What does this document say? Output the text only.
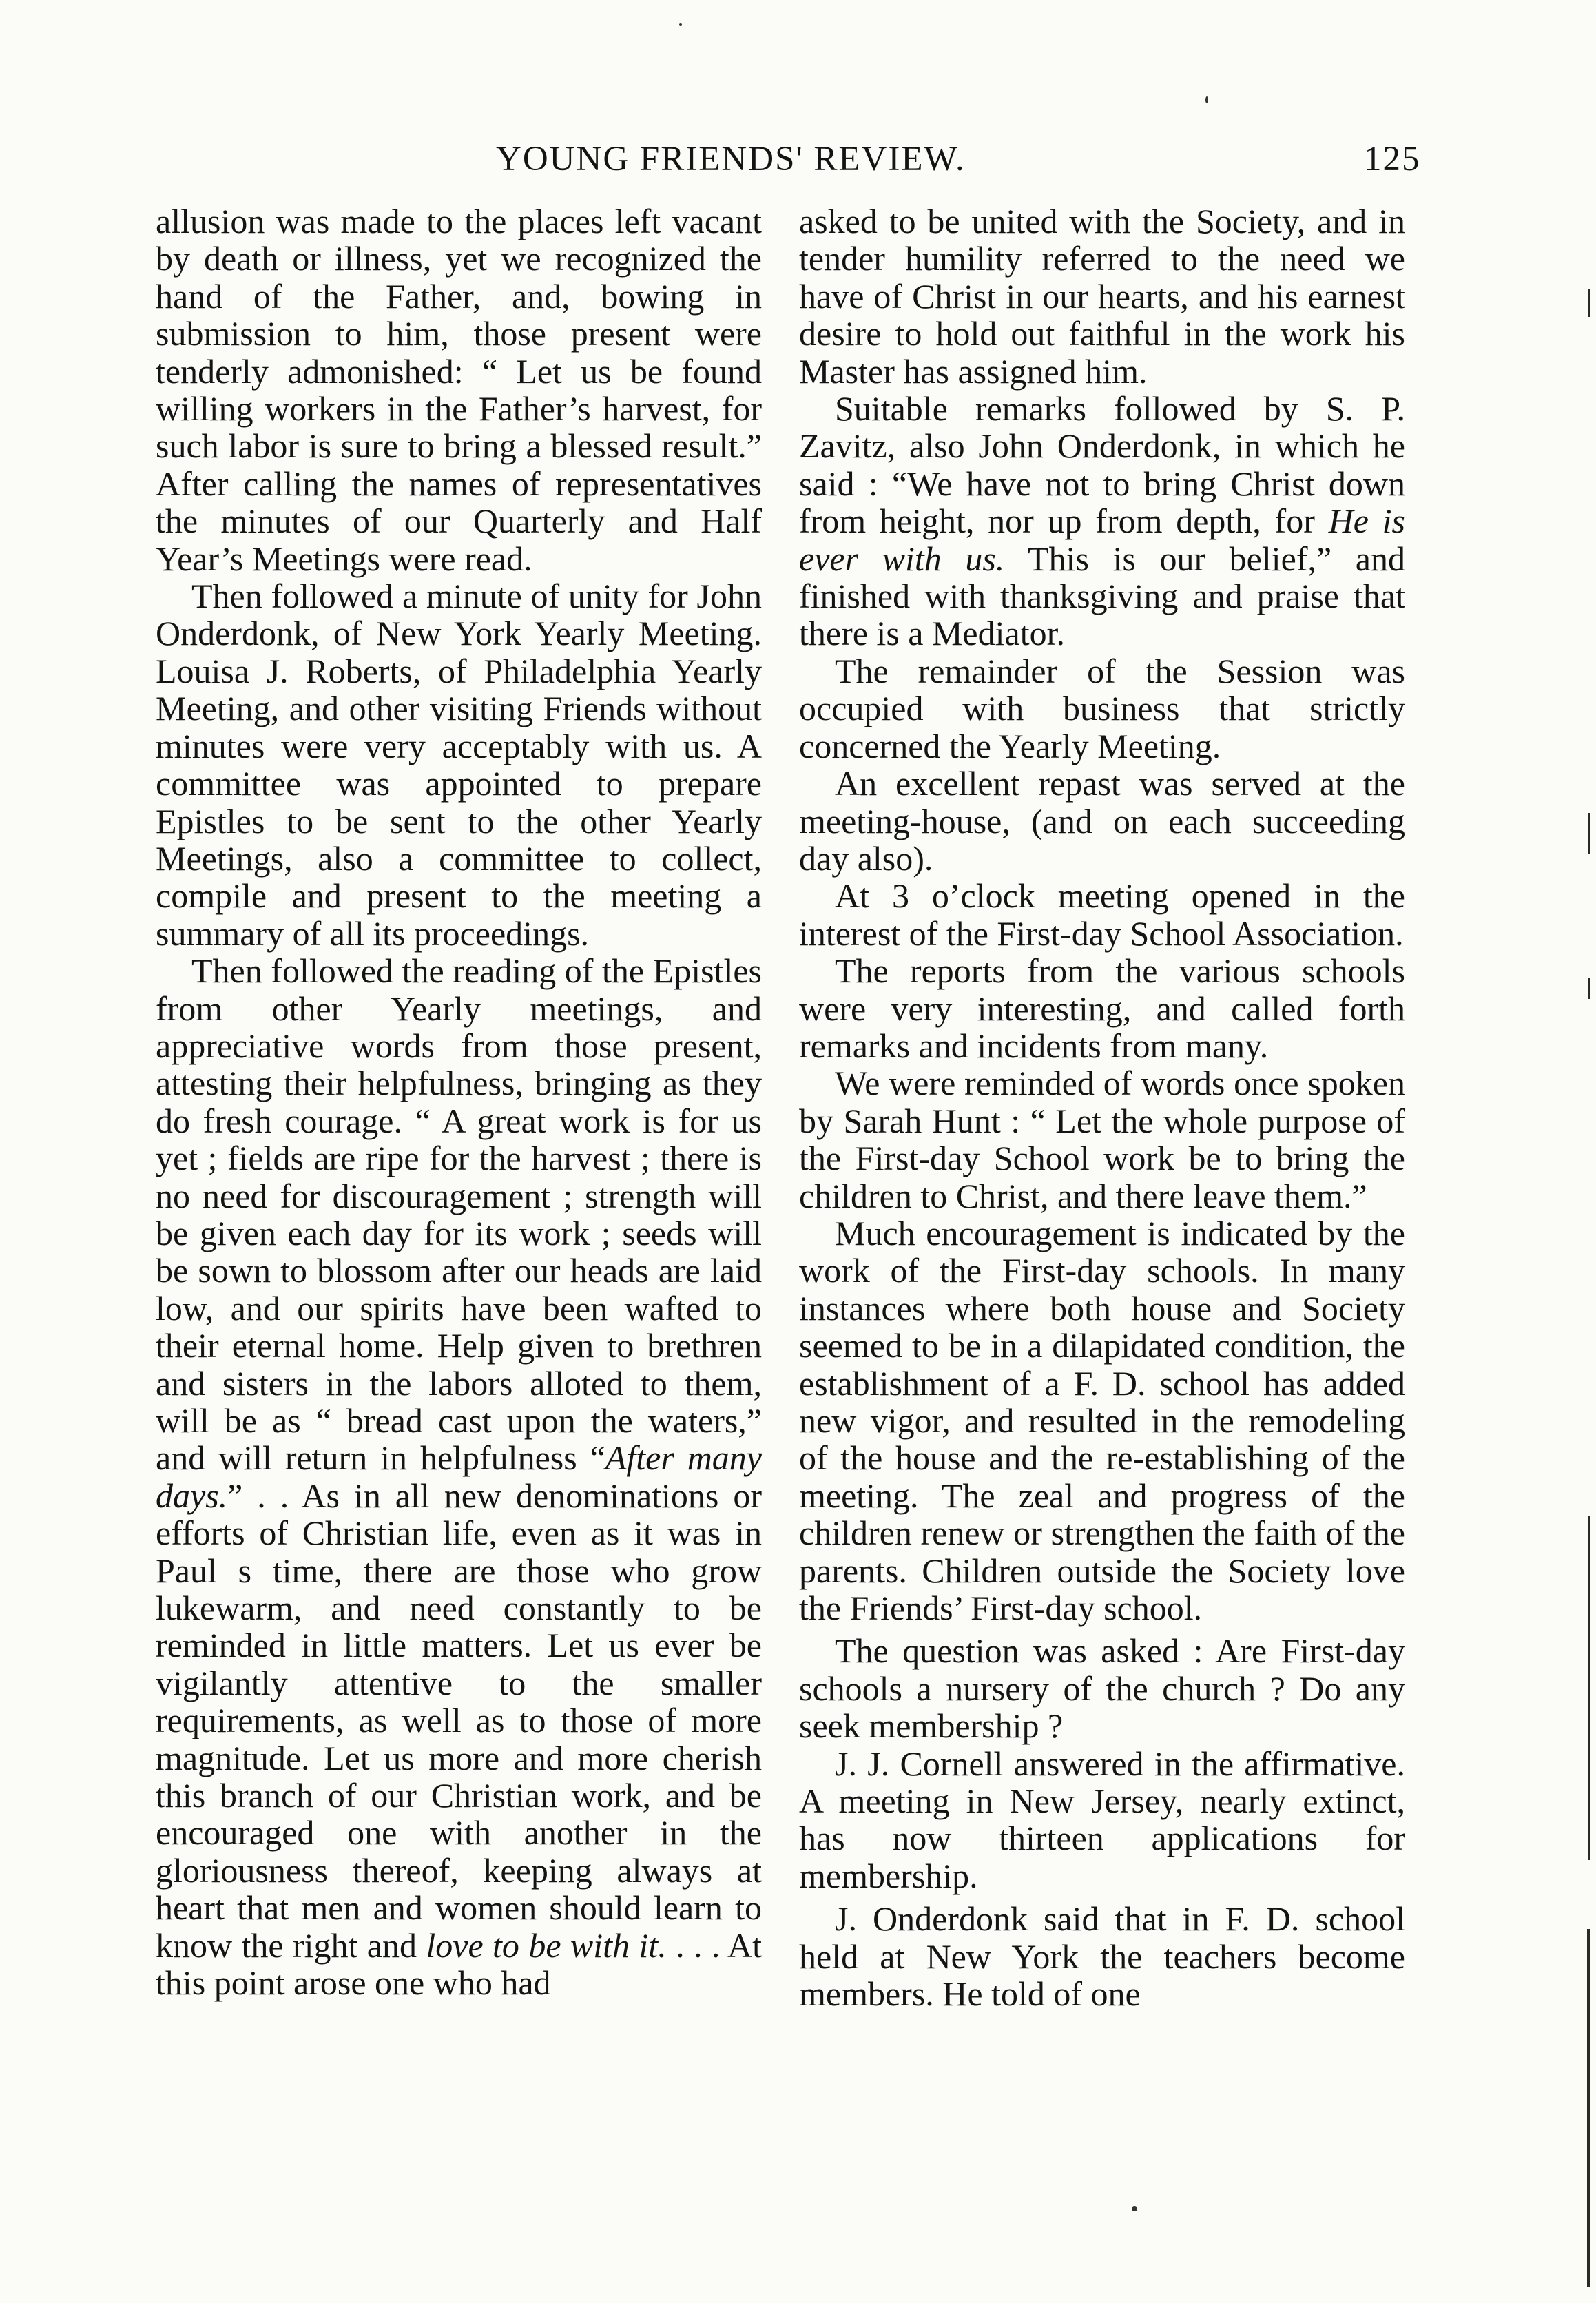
YOUNG FRIENDS' REVIEW.	125

allusion was made to the places left vacant by death or illness, yet we recognized the hand of the Father, and, bowing in submission to him, those present were tenderly admonished: “ Let us be found willing workers in the Father’s harvest, for such labor is sure to bring a blessed result.” After calling the names of representatives the minutes of our Quarterly and Half Year’s Meetings were read.

Then followed a minute of unity for John Onderdonk, of New York Yearly Meeting. Louisa J. Roberts, of Philadelphia Yearly Meeting, and other visiting Friends without minutes were very acceptably with us. A committee was appointed to prepare Epistles to be sent to the other Yearly Meetings, also a committee to collect, compile and present to the meeting a summary of all its proceedings.

Then followed the reading of the Epistles from other Yearly meetings, and appreciative words from those present, attesting their helpfulness, bringing as they do fresh courage. “ A great work is for us yet ; fields are ripe for the harvest ; there is no need for discouragement ; strength will be given each day for its work ; seeds will be sown to blossom after our heads are laid low, and our spirits have been wafted to their eternal home. Help given to brethren and sisters in the labors alloted to them, will be as “ bread cast upon the waters,” and will return in helpfulness “After many days.” . . As in all new denominations or efforts of Christian life, even as it was in Paul s time, there are those who grow lukewarm, and need constantly to be reminded in little matters. Let us ever be vigilantly attentive to the smaller requirements, as well as to those of more magnitude. Let us more and more cherish this branch of our Christian work, and be encouraged one with another in the gloriousness thereof, keeping always at heart that men and women should learn to know the right and love to be with it. . . . At this point arose one who had

asked to be united with the Society, and in tender humility referred to the need we have of Christ in our hearts, and his earnest desire to hold out faithful in the work his Master has assigned him.

Suitable remarks followed by S. P. Zavitz, also John Onderdonk, in which he said : “We have not to bring Christ down from height, nor up from depth, for He is ever with us. This is our belief,” and finished with thanksgiving and praise that there is a Mediator.

The remainder of the Session was occupied with business that strictly concerned the Yearly Meeting.

An excellent repast was served at the meeting-house, (and on each succeeding day also).

At 3 o’clock meeting opened in the interest of the First-day School Association.

The reports from the various schools were very interesting, and called forth remarks and incidents from many.

We were reminded of words once spoken by Sarah Hunt : “ Let the whole purpose of the First-day School work be to bring the children to Christ, and there leave them.”

Much encouragement is indicated by the work of the First-day schools. In many instances where both house and Society seemed to be in a dilapidated condition, the establishment of a F. D. school has added new vigor, and resulted in the remodeling of the house and the re-establishing of the meeting. The zeal and progress of the children renew or strengthen the faith of the parents. Children outside the Society love the Friends’ First-day school.

The question was asked : Are First-day schools a nursery of the church ? Do any seek membership ?

J. J. Cornell answered in the affirmative. A meeting in New Jersey, nearly extinct, has now thirteen applications for membership.

J. Onderdonk said that in F. D. school held at New York the teachers become members. He told of one
